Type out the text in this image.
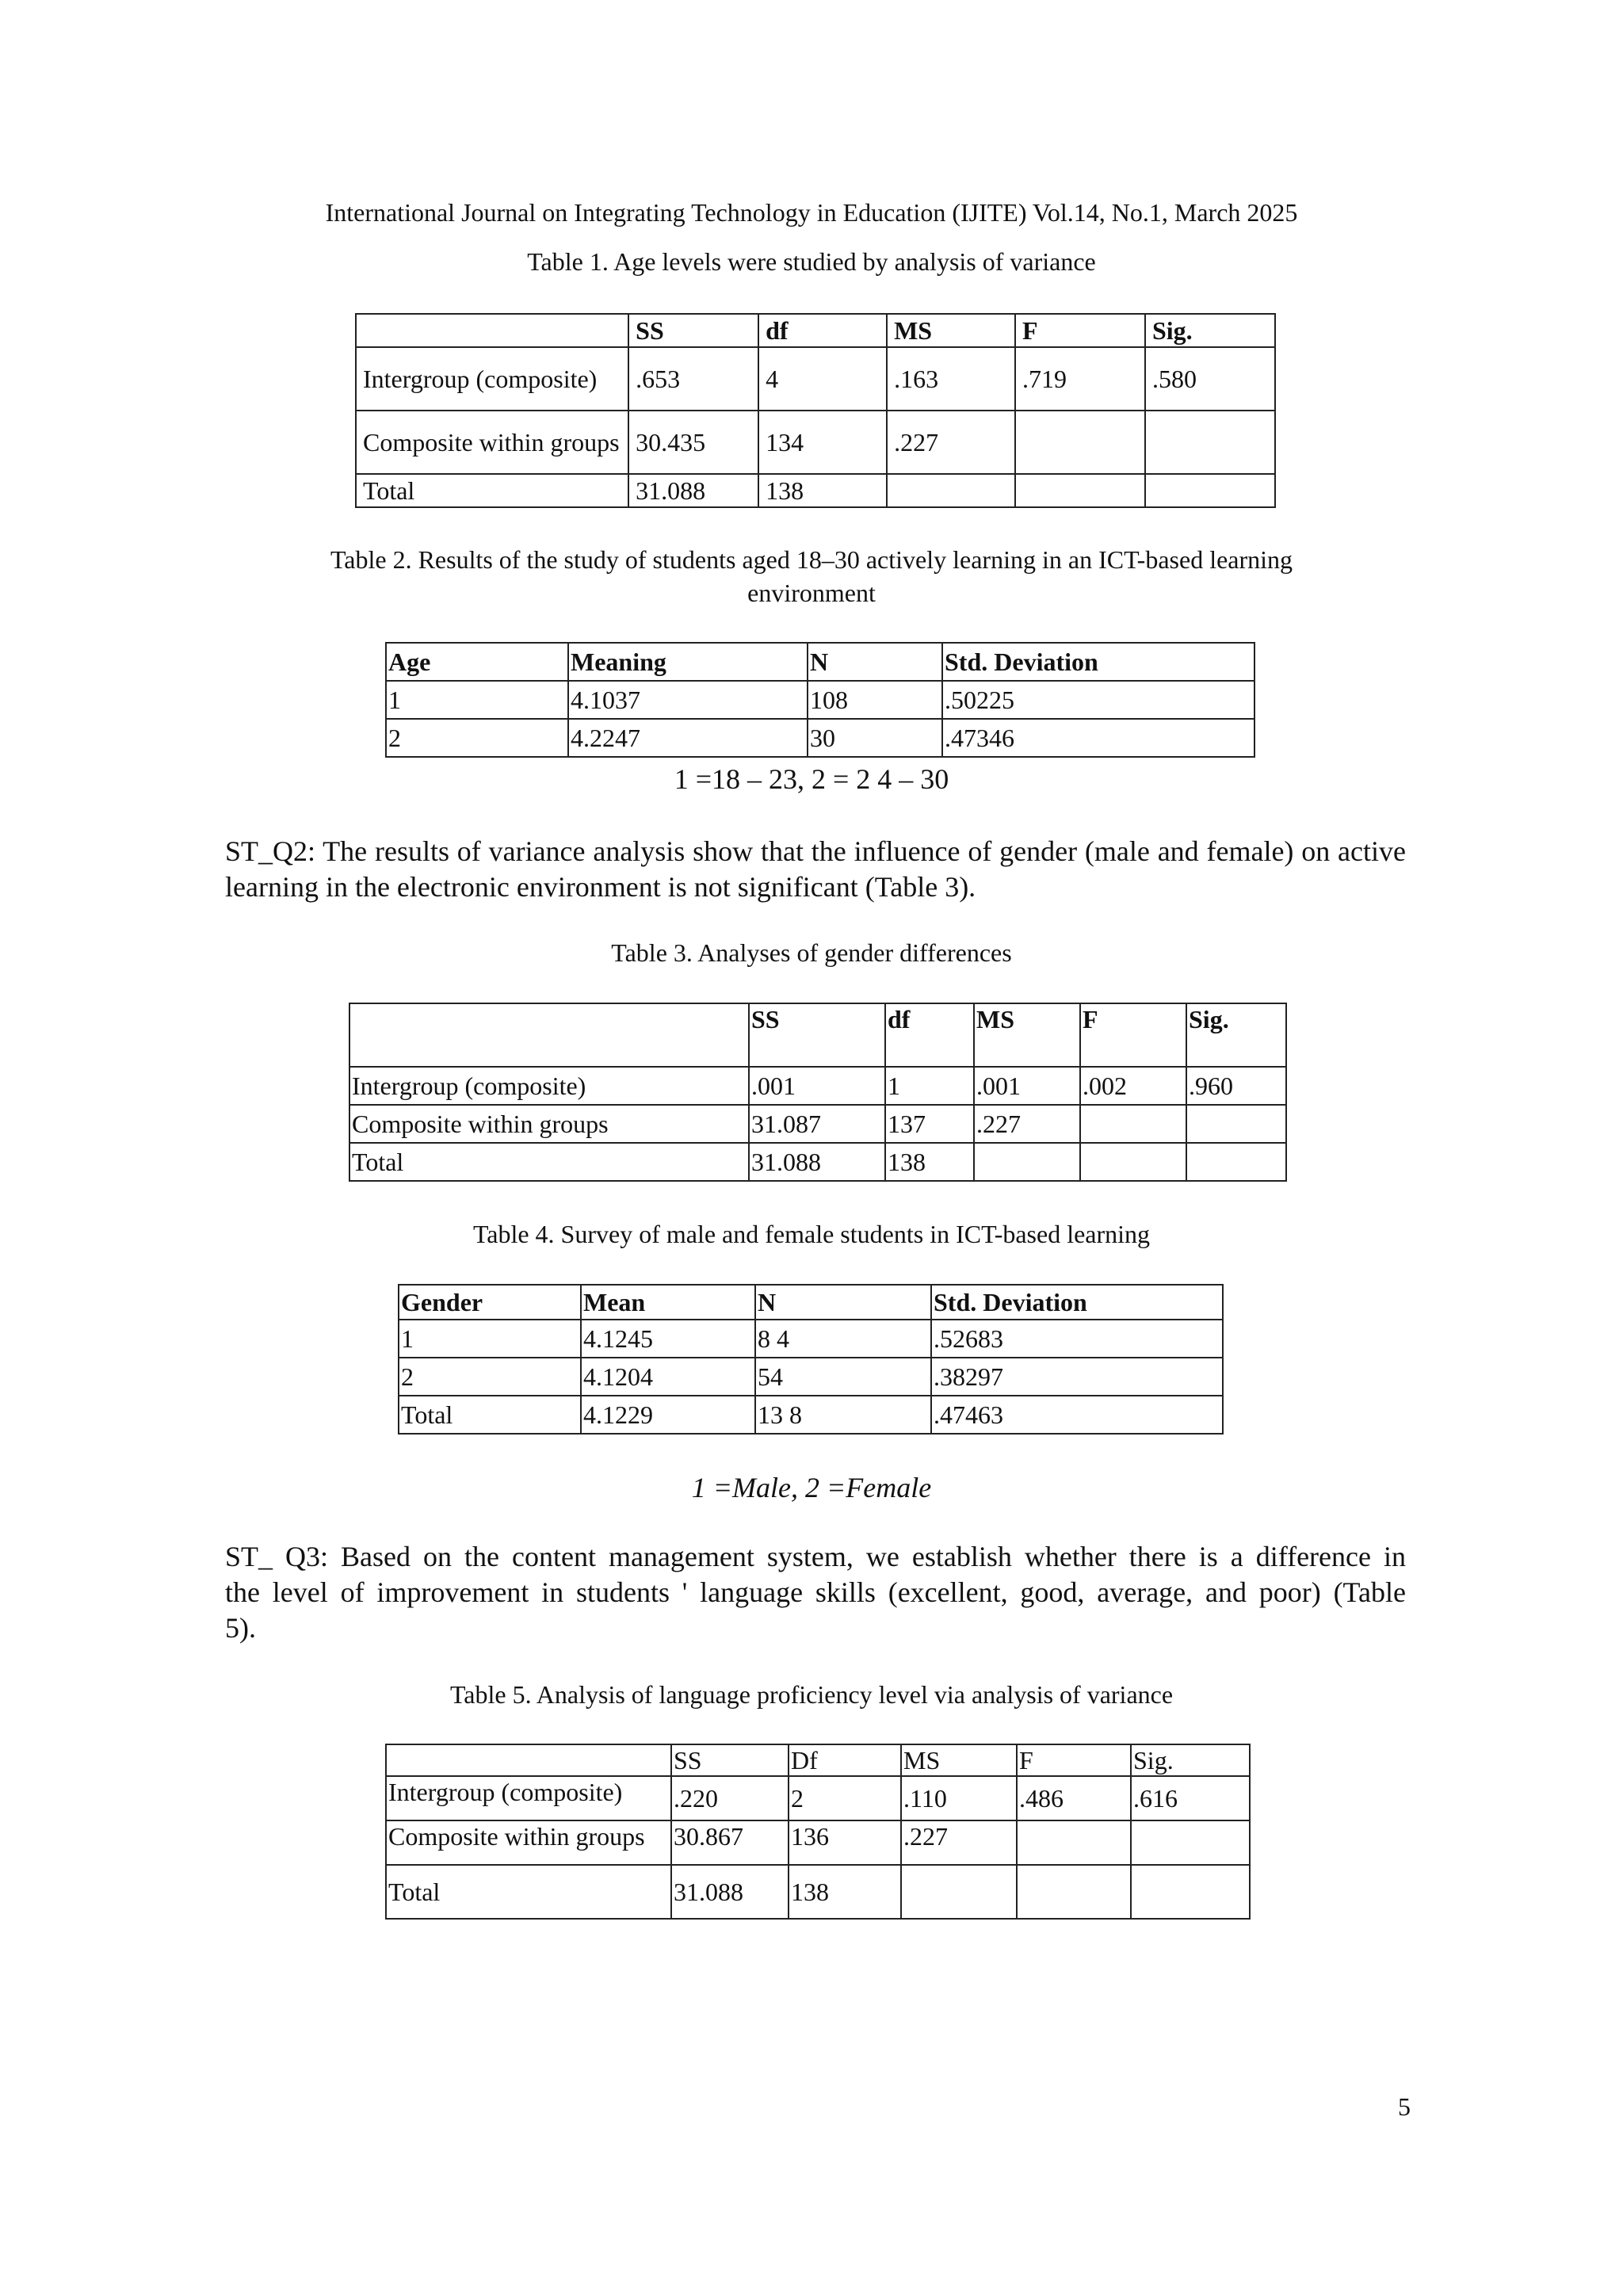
International Journal on Integrating Technology in Education (IJITE) Vol.14, No.1, March 2025
Table 1. Age levels were studied by analysis of variance
	SS	df	MS	F	Sig.
Intergroup (composite)	.653	4	.163	.719	.580
Composite within groups	30.435	134	.227		
Total	31.088	138			
Table 2. Results of the study of students aged 18–30 actively learning in an ICT-based learning
environment
Age	Meaning	N	Std. Deviation
1	4.1037	108	.50225
2	4.2247	30	.47346
1 =18 – 23, 2 = 2 4 – 30
ST_Q2: The results of variance analysis show that the influence of gender (male and female) on active learning in the electronic environment is not significant (Table 3).
Table 3. Analyses of gender differences
	SS	df	MS	F	Sig.
Intergroup (composite)	.001	1	.001	.002	.960
Composite within groups	31.087	137	.227		
Total	31.088	138			
Table 4. Survey of male and female students in ICT-based learning
Gender	Mean	N	Std. Deviation
1	4.1245	8 4	.52683
2	4.1204	54	.38297
Total	4.1229	13 8	.47463
1 =Male, 2 =Female
ST_ Q3: Based on the content management system, we establish whether there is a difference in
the level of improvement in students ' language skills (excellent, good, average, and poor) (Table
5).
Table 5. Analysis of language proficiency level via analysis of variance
	SS	Df	MS	F	Sig.
Intergroup (composite)	.220	2	.110	.486	.616
Composite within groups	30.867	136	.227		
Total	31.088	138			
5
